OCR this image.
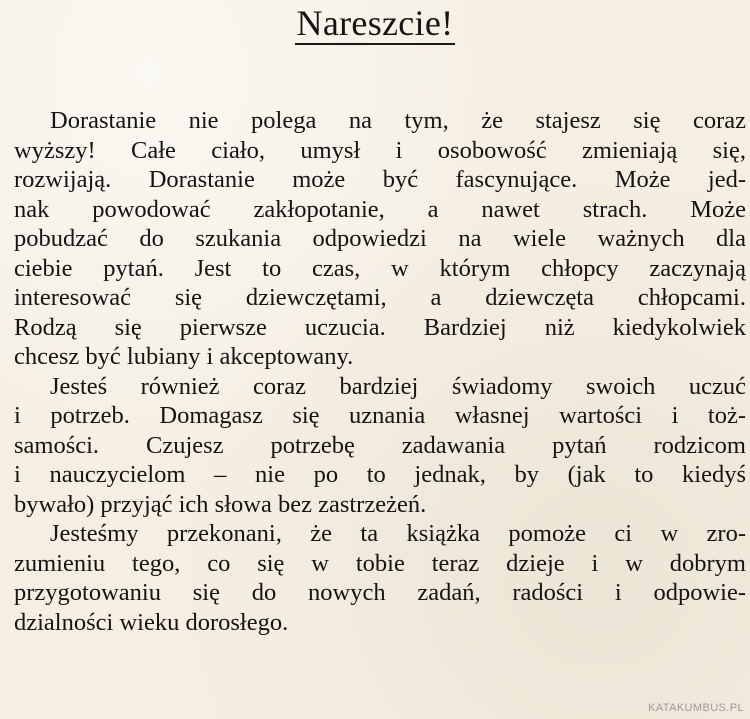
Nareszcie!

Dorastanie nie polega na tym, że stajesz się coraz
wyższy! Całe ciało, umysł i osobowość zmieniają się,
rozwijają. Dorastanie może być fascynujące. Może jed-
nak powodować zakłopotanie, a nawet strach. Może
pobudzać do szukania odpowiedzi na wiele ważnych dla
ciebie pytań. Jest to czas, w którym chłopcy zaczynają
interesować się dziewczętami, a dziewczęta chłopcami.
Rodzą się pierwsze uczucia. Bardziej niż kiedykolwiek
chcesz być lubiany i akceptowany.

Jesteś również coraz bardziej świadomy swoich uczuć
i potrzeb. Domagasz się uznania własnej wartości i toż-
samości. Czujesz potrzebę zadawania pytań rodzicom
i nauczycielom – nie po to jednak, by (jak to kiedyś
bywało) przyjąć ich słowa bez zastrzeżeń.

Jesteśmy przekonani, że ta książka pomoże ci w zro-
zumieniu tego, co się w tobie teraz dzieje i w dobrym
przygotowaniu się do nowych zadań, radości i odpowie-
dzialności wieku dorosłego.

KATAKUMBUS.PL
